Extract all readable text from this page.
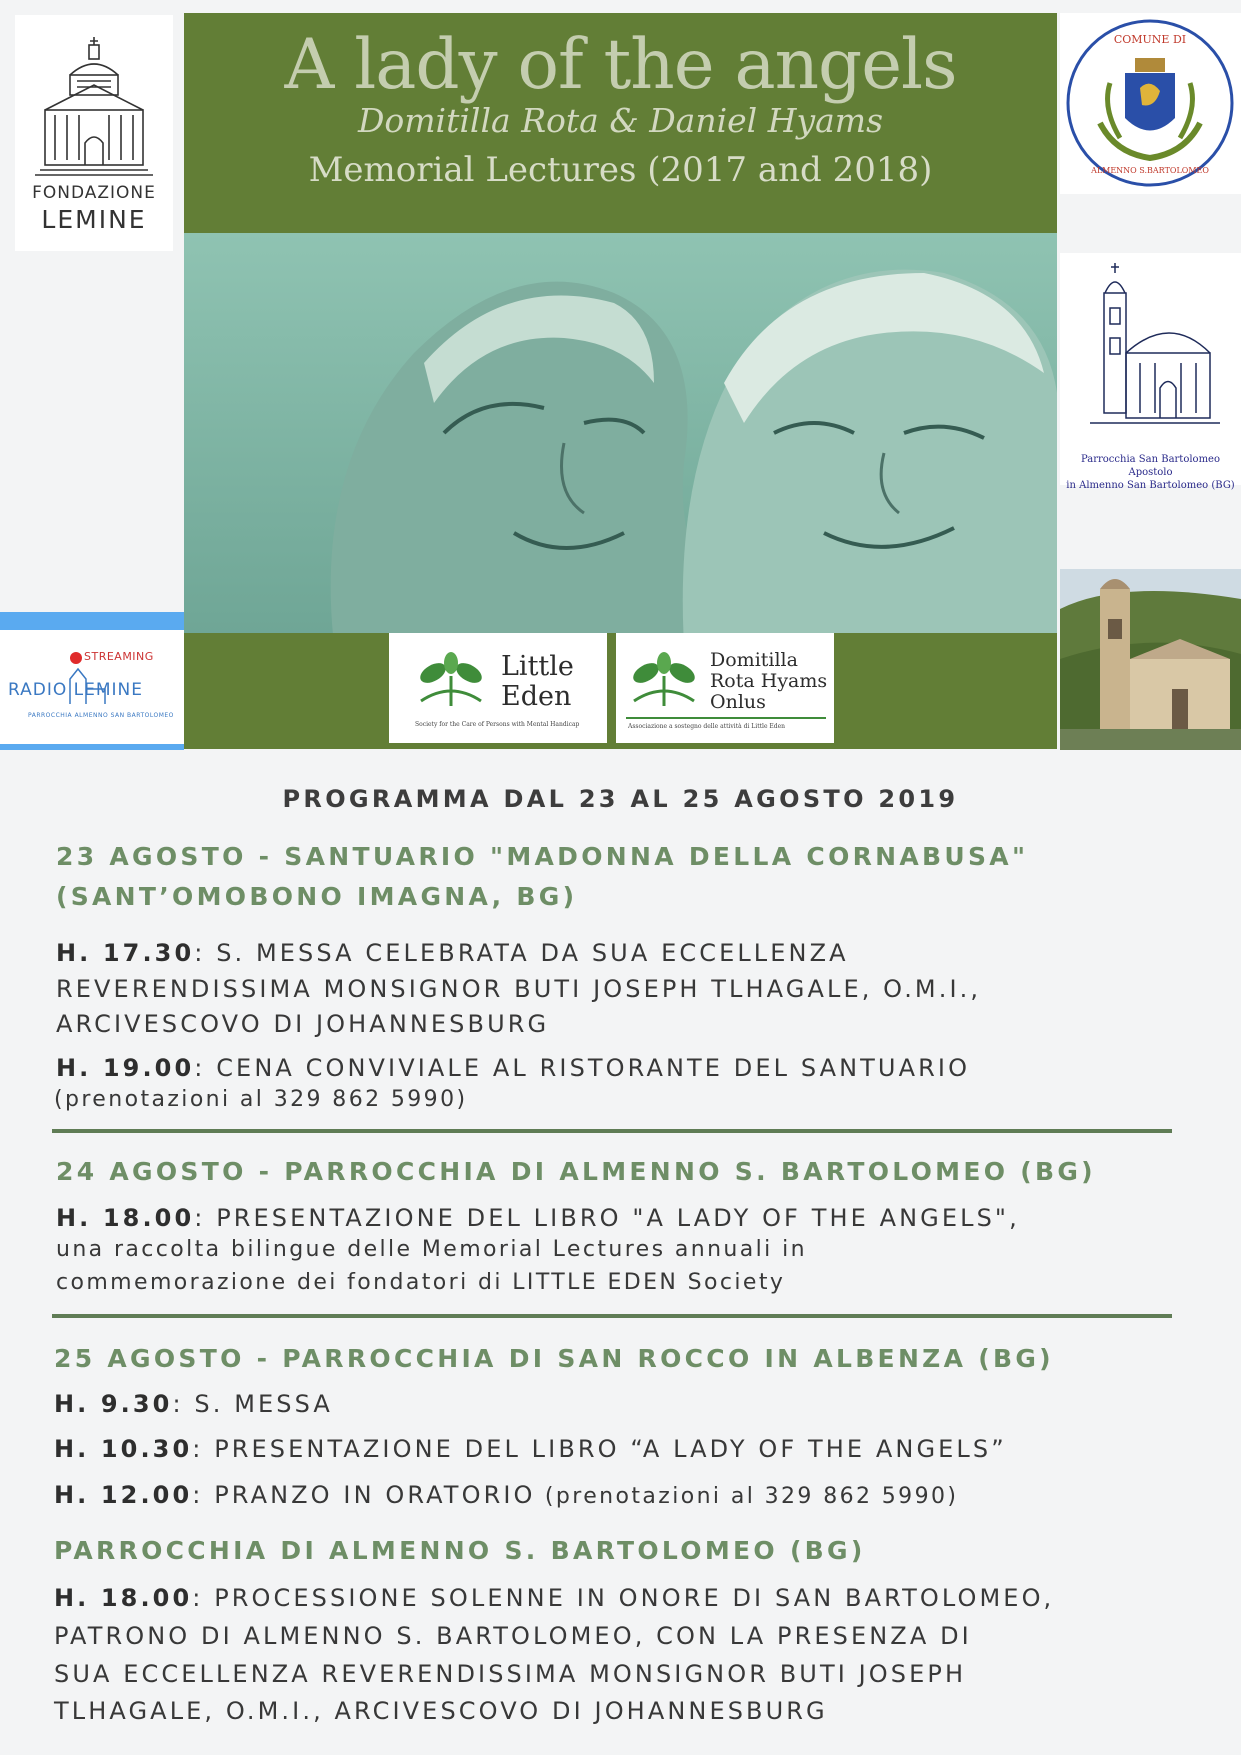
FONDAZIONE
LEMINE
A lady of the angels
Domitilla Rota & Daniel Hyams
Memorial Lectures (2017 and 2018)
Little
Eden
Society for the Care of Persons with Mental Handicap
Domitilla
Rota Hyams
Onlus
Associazione a sostegno delle attività di Little Eden
COMUNE DI
ALMENNO S.BARTOLOMEO
Parrocchia San Bartolomeo Apostolo
in Almenno San Bartolomeo (BG)
STREAMING
RADIO LEMINE
PARROCCHIA ALMENNO SAN BARTOLOMEO
PROGRAMMA DAL 23 AL 25 AGOSTO 2019
23 AGOSTO - SANTUARIO "MADONNA DELLA CORNABUSA"
(SANT’OMOBONO IMAGNA, BG)
H. 17.30: S. MESSA CELEBRATA DA SUA ECCELLENZA
REVERENDISSIMA MONSIGNOR BUTI JOSEPH TLHAGALE, O.M.I.,
ARCIVESCOVO DI JOHANNESBURG
H. 19.00: CENA CONVIVIALE AL RISTORANTE DEL SANTUARIO
(prenotazioni al 329 862 5990)
24 AGOSTO - PARROCCHIA DI ALMENNO S. BARTOLOMEO (BG)
H. 18.00: PRESENTAZIONE DEL LIBRO "A LADY OF THE ANGELS",
una raccolta bilingue delle Memorial Lectures annuali in
commemorazione dei fondatori di LITTLE EDEN Society
25 AGOSTO - PARROCCHIA DI SAN ROCCO IN ALBENZA (BG)
H. 9.30: S. MESSA
H. 10.30: PRESENTAZIONE DEL LIBRO “A LADY OF THE ANGELS”
H. 12.00: PRANZO IN ORATORIO (prenotazioni al 329 862 5990)
PARROCCHIA DI ALMENNO S. BARTOLOMEO (BG)
H. 18.00: PROCESSIONE SOLENNE IN ONORE DI SAN BARTOLOMEO,
PATRONO DI ALMENNO S. BARTOLOMEO, CON LA PRESENZA DI
SUA ECCELLENZA REVERENDISSIMA MONSIGNOR BUTI JOSEPH
TLHAGALE, O.M.I., ARCIVESCOVO DI JOHANNESBURG
